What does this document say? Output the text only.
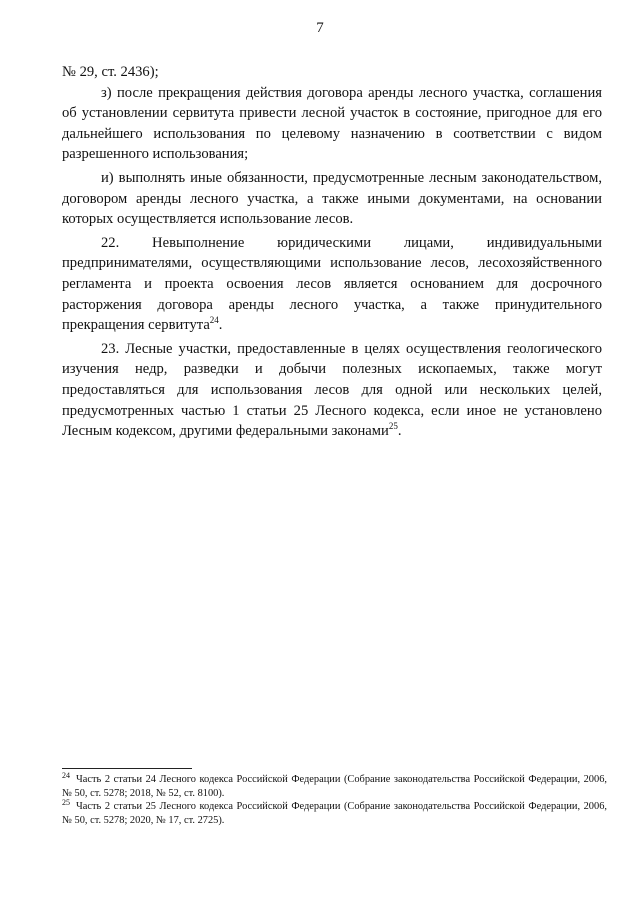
7

№ 29, ст. 2436);

з) после прекращения действия договора аренды лесного участка, соглашения об установлении сервитута привести лесной участок в состояние, пригодное для его дальнейшего использования по целевому назначению в соответствии с видом разрешенного использования;

и) выполнять иные обязанности, предусмотренные лесным законодательством, договором аренды лесного участка, а также иными документами, на основании которых осуществляется использование лесов.

22. Невыполнение юридическими лицами, индивидуальными предпринимателями, осуществляющими использование лесов, лесохозяйственного регламента и проекта освоения лесов является основанием для досрочного расторжения договора аренды лесного участка, а также принудительного прекращения сервитута$^{24}$.

23. Лесные участки, предоставленные в целях осуществления геологического изучения недр, разведки и добычи полезных ископаемых, также могут предоставляться для использования лесов для одной или нескольких целей, предусмотренных частью 1 статьи 25 Лесного кодекса, если иное не установлено Лесным кодексом, другими федеральными законами$^{25}$.

$^{24}$ Часть 2 статьи 24 Лесного кодекса Российской Федерации (Собрание законодательства Российской Федерации, 2006, № 50, ст. 5278; 2018, № 52, ст. 8100).

$^{25}$ Часть 2 статьи 25 Лесного кодекса Российской Федерации (Собрание законодательства Российской Федерации, 2006, № 50, ст. 5278; 2020, № 17, ст. 2725).
